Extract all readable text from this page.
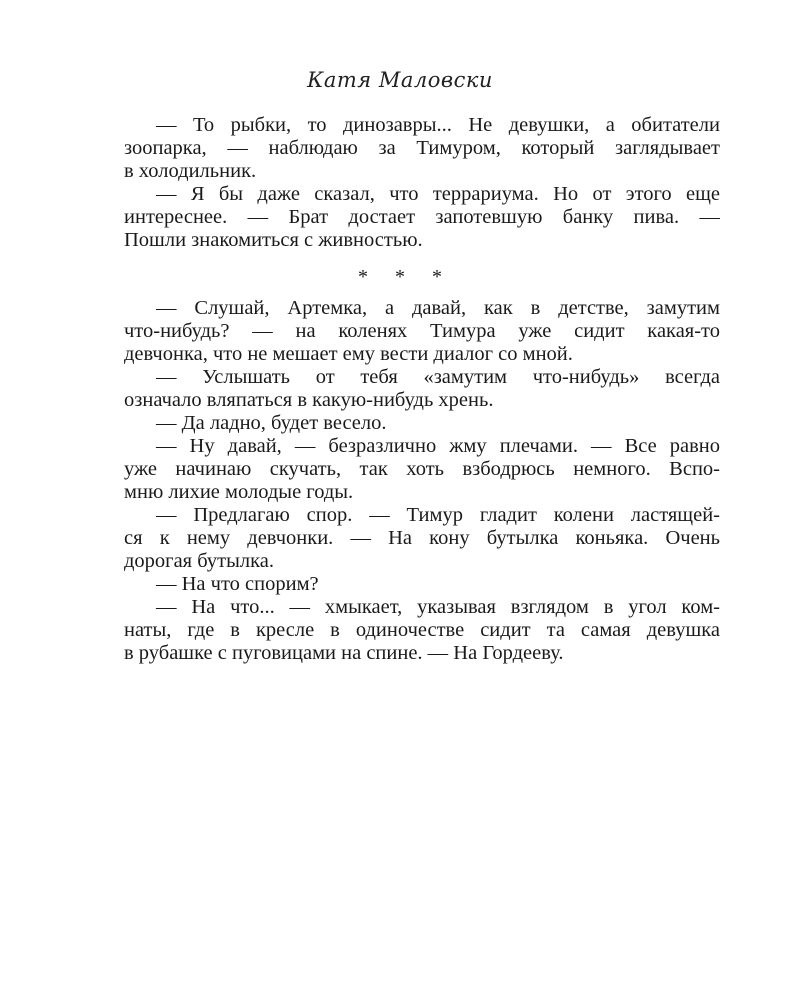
Катя Маловски
— То рыбки, то динозавры... Не девушки, а обитатели
зоопарка, — наблюдаю за Тимуром, который заглядывает
в холодильник.
— Я бы даже сказал, что террариума. Но от этого еще
интереснее. — Брат достает запотевшую банку пива. —
Пошли знакомиться с живностью.
* * *
— Слушай, Артемка, а давай, как в детстве, замутим
что-нибудь? — на коленях Тимура уже сидит какая-то
девчонка, что не мешает ему вести диалог со мной.
— Услышать от тебя «замутим что-нибудь» всегда
означало вляпаться в какую-нибудь хрень.
— Да ладно, будет весело.
— Ну давай, — безразлично жму плечами. — Все равно
уже начинаю скучать, так хоть взбодрюсь немного. Вспо-
мню лихие молодые годы.
— Предлагаю спор. — Тимур гладит колени ластящей-
ся к нему девчонки. — На кону бутылка коньяка. Очень
дорогая бутылка.
— На что спорим?
— На что... — хмыкает, указывая взглядом в угол ком-
наты, где в кресле в одиночестве сидит та самая девушка
в рубашке с пуговицами на спине. — На Гордееву.
